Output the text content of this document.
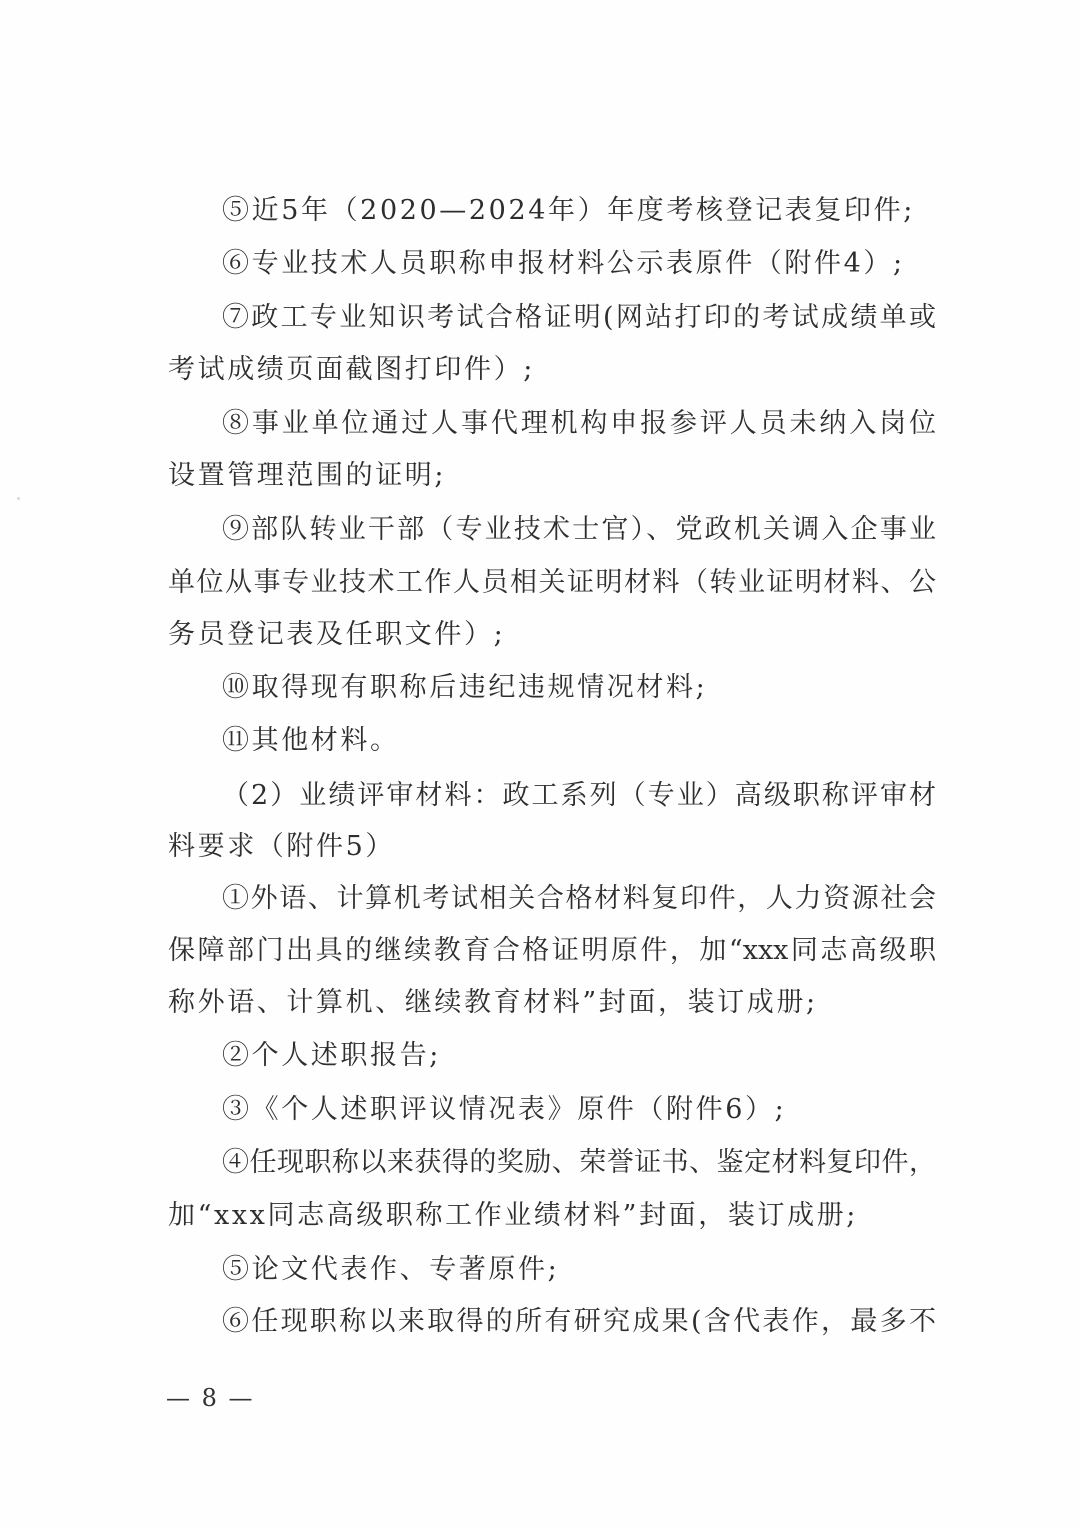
⑤近5年（2020—2024年）年度考核登记表复印件;
⑥专业技术人员职称申报材料公示表原件（附件4）;
⑦政工专业知识考试合格证明(网站打印的考试成绩单或
考试成绩页面截图打印件）;
⑧事业单位通过人事代理机构申报参评人员未纳入岗位
设置管理范围的证明;
⑨部队转业干部（专业技术士官）、党政机关调入企事业
单位从事专业技术工作人员相关证明材料（转业证明材料、公
务员登记表及任职文件）;
⑩取得现有职称后违纪违规情况材料;
⑪其他材料。
（2）业绩评审材料：政工系列（专业）高级职称评审材
料要求（附件5）
①外语、计算机考试相关合格材料复印件，人力资源社会
保障部门出具的继续教育合格证明原件，加“xxx同志高级职
称外语、计算机、继续教育材料”封面，装订成册;
②个人述职报告;
③《个人述职评议情况表》原件（附件6）;
④任现职称以来获得的奖励、荣誉证书、鉴定材料复印件，
加“xxx同志高级职称工作业绩材料”封面，装订成册;
⑤论文代表作、专著原件;
⑥任现职称以来取得的所有研究成果(含代表作，最多不
— 8 —
